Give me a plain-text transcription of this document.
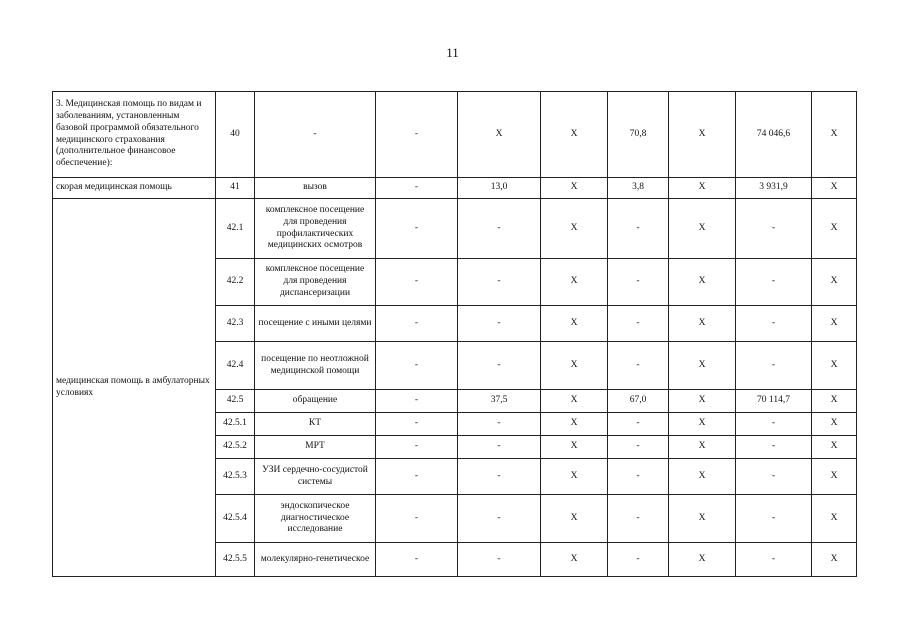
11
3. Медицинская помощь по видам и заболеваниям, установленным базовой программой обязательного медицинского страхования (дополнительное финансовое обеспечение):	40	-	-	Х	Х	70,8	Х	74 046,6	Х
скорая медицинская помощь	41	вызов	-	13,0	Х	3,8	Х	3 931,9	Х
медицинская помощь в амбулаторных условиях	42.1	комплексное посещение для проведения профилактических медицинских осмотров	-	-	Х	-	Х	-	Х
	42.2	комплексное посещение для проведения диспансеризации	-	-	Х	-	Х	-	Х
	42.3	посещение с иными целями	-	-	Х	-	Х	-	Х
	42.4	посещение по неотложной медицинской помощи	-	-	Х	-	Х	-	Х
	42.5	обращение	-	37,5	Х	67,0	Х	70 114,7	Х
	42.5.1	КТ	-	-	Х	-	Х	-	Х
	42.5.2	МРТ	-	-	Х	-	Х	-	Х
	42.5.3	УЗИ сердечно-сосудистой системы	-	-	Х	-	Х	-	Х
	42.5.4	эндоскопическое диагностическое исследование	-	-	Х	-	Х	-	Х
	42.5.5	молекулярно-генетическое	-	-	Х	-	Х	-	Х
